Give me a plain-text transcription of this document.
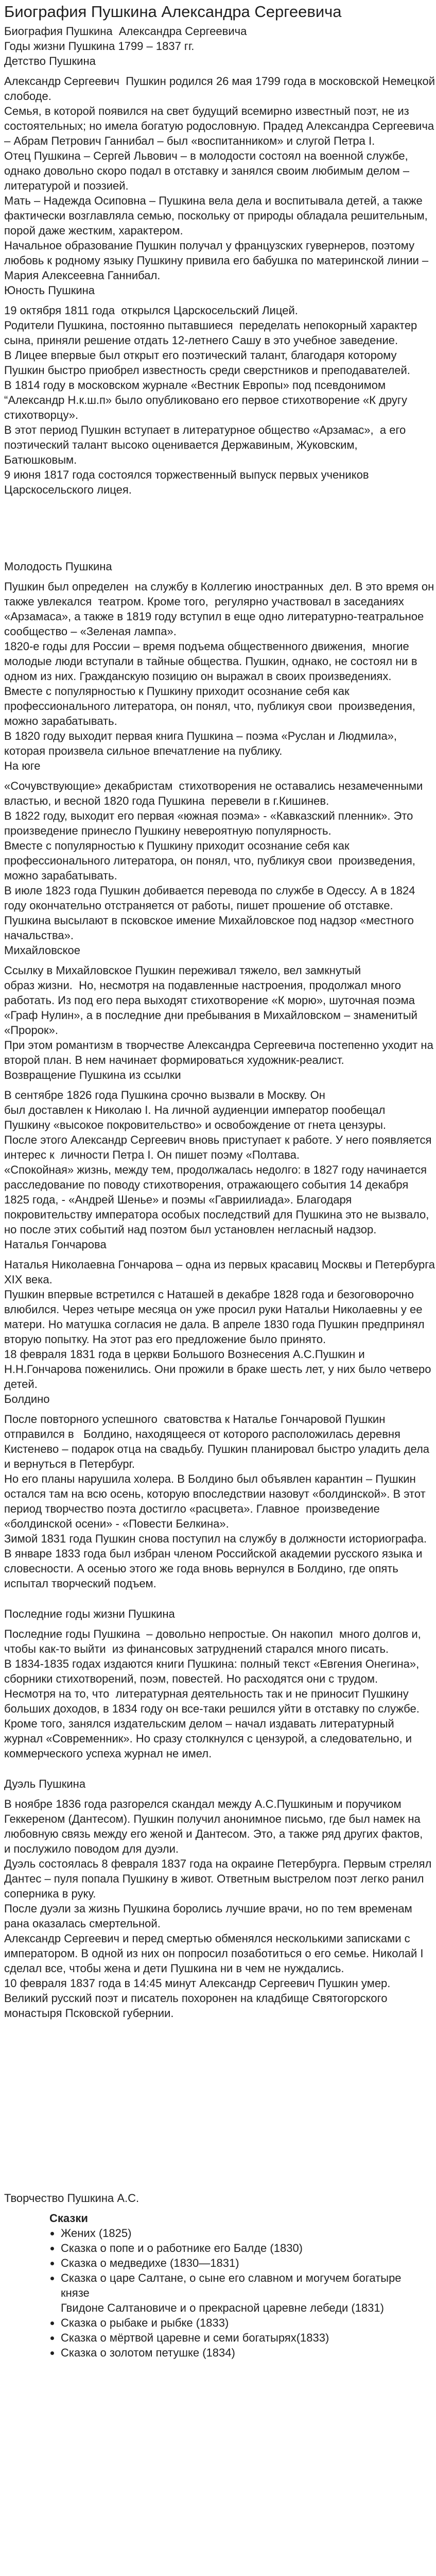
Биография Пушкина Александра Сергеевича
Биография Пушкина  Александра Сергеевича
Годы жизни Пушкина 1799 – 1837 гг.
Детство Пушкина
Александр Сергеевич  Пушкин родился 26 мая 1799 года в московской Немецкой
слободе.
Семья, в которой появился на свет будущий всемирно известный поэт, не из
состоятельных; но имела богатую родословную. Прадед Александра Сергеевича
– Абрам Петрович Ганнибал – был «воспитанником» и слугой Петра I.
Отец Пушкина – Сергей Львович – в молодости состоял на военной службе,
однако довольно скоро подал в отставку и занялся своим любимым делом –
литературой и поэзией.
Мать – Надежда Осиповна – Пушкина вела дела и воспитывала детей, а также
фактически возглавляла семью, поскольку от природы обладала решительным,
порой даже жестким, характером.
Начальное образование Пушкин получал у французских гувернеров, поэтому
любовь к родному языку Пушкину привила его бабушка по материнской линии –
Мария Алексеевна Ганнибал.
Юность Пушкина
19 октября 1811 года  открылся Царскосельский Лицей.
Родители Пушкина, постоянно пытавшиеся  переделать непокорный характер
сына, приняли решение отдать 12-летнего Сашу в это учебное заведение.
В Лицее впервые был открыт его поэтический талант, благодаря которому
Пушкин быстро приобрел известность среди сверстников и преподавателей.
В 1814 году в московском журнале «Вестник Европы» под псевдонимом
“Александр Н.к.ш.п» было опубликовано его первое стихотворение «К другу
стихотворцу».
В этот период Пушкин вступает в литературное общество «Арзамас»,  а его
поэтический талант высоко оценивается Державиным, Жуковским,
Батюшковым.
9 июня 1817 года состоялся торжественный выпуск первых учеников
Царскосельского лицея.
Молодость Пушкина
Пушкин был определен  на службу в Коллегию иностранных  дел. В это время он
также увлекался  театром. Кроме того,  регулярно участвовал в заседаниях
«Арзамаса», а также в 1819 году вступил в еще одно литературно-театральное
сообщество – «Зеленая лампа».
1820-е годы для России – время подъема общественного движения,  многие
молодые люди вступали в тайные общества. Пушкин, однако, не состоял ни в
одном из них. Гражданскую позицию он выражал в своих произведениях.
Вместе с популярностью к Пушкину приходит осознание себя как
профессионального литератора, он понял, что, публикуя свои  произведения,
можно зарабатывать.
В 1820 году выходит первая книга Пушкина – поэма «Руслан и Людмила»,
которая произвела сильное впечатление на публику.
На юге
«Сочувствующие» декабристам  стихотворения не оставались незамеченными
властью, и весной 1820 года Пушкина  перевели в г.Кишинев.
В 1822 году, выходит его первая «южная поэма» - «Кавказский пленник». Это
произведение принесло Пушкину невероятную популярность.
Вместе с популярностью к Пушкину приходит осознание себя как
профессионального литератора, он понял, что, публикуя свои  произведения,
можно зарабатывать.
В июле 1823 года Пушкин добивается перевода по службе в Одессу. А в 1824
году окончательно отстраняется от работы, пишет прошение об отставке.
Пушкина высылают в псковское имение Михайловское под надзор «местного
начальства».
Михайловское
Ссылку в Михайловское Пушкин переживал тяжело, вел замкнутый
образ жизни.  Но, несмотря на подавленные настроения, продолжал много
работать. Из под его пера выходят стихотворение «К морю», шуточная поэма
«Граф Нулин», а в последние дни пребывания в Михайловском – знаменитый
«Пророк».
При этом романтизм в творчестве Александра Сергеевича постепенно уходит на
второй план. В нем начинает формироваться художник-реалист.
Возвращение Пушкина из ссылки
В сентябре 1826 года Пушкина срочно вызвали в Москву. Он
был доставлен к Николаю I. На личной аудиенции император пообещал
Пушкину «высокое покровительство» и освобождение от гнета цензуры.
После этого Александр Сергеевич вновь приступает к работе. У него появляется
интерес к  личности Петра I. Он пишет поэму «Полтава.
«Спокойная» жизнь, между тем, продолжалась недолго: в 1827 году начинается
расследование по поводу стихотворения, отражающего события 14 декабря
1825 года, - «Андрей Шенье» и поэмы «Гавриилиада». Благодаря
покровительству императора особых последствий для Пушкина это не вызвало,
но после этих событий над поэтом был установлен негласный надзор.
Наталья Гончарова
Наталья Николаевна Гончарова – одна из первых красавиц Москвы и Петербурга
XIX века.
Пушкин впервые встретился с Наташей в декабре 1828 года и безоговорочно
влюбился. Через четыре месяца он уже просил руки Натальи Николаевны у ее
матери. Но матушка согласия не дала. В апреле 1830 года Пушкин предпринял
вторую попытку. На этот раз его предложение было принято.
18 февраля 1831 года в церкви Большого Вознесения А.С.Пушкин и
Н.Н.Гончарова поженились. Они прожили в браке шесть лет, у них было четверо
детей.
Болдино
После повторного успешного  сватовства к Наталье Гончаровой Пушкин
отправился в   Болдино, находящееся от которого расположилась деревня
Кистенево – подарок отца на свадьбу. Пушкин планировал быстро уладить дела
и вернуться в Петербург.
Но его планы нарушила холера. В Болдино был объявлен карантин – Пушкин
остался там на всю осень, которую впоследствии назовут «болдинской». В этот
период творчество поэта достигло «расцвета». Главное  произведение
«болдинской осени» - «Повести Белкина».
Зимой 1831 года Пушкин снова поступил на службу в должности историографа.
В январе 1833 года был избран членом Российской академии русского языка и
словесности. А осенью этого же года вновь вернулся в Болдино, где опять
испытал творческий подъем.
Последние годы жизни Пушкина
Последние годы Пушкина  – довольно непростые. Он накопил  много долгов и,
чтобы как-то выйти  из финансовых затруднений старался много писать.
В 1834-1835 годах издаются книги Пушкина: полный текст «Евгения Онегина»,
сборники стихотворений, поэм, повестей. Но расходятся они с трудом.
Несмотря на то, что  литературная деятельность так и не приносит Пушкину
больших доходов, в 1834 году он все-таки решился уйти в отставку по службе.
Кроме того, занялся издательским делом – начал издавать литературный
журнал «Современник». Но сразу столкнулся с цензурой, а следовательно, и
коммерческого успеха журнал не имел.
Дуэль Пушкина
В ноябре 1836 года разгорелся скандал между А.С.Пушкиным и поручиком
Геккереном (Дантесом). Пушкин получил анонимное письмо, где был намек на
любовную связь между его женой и Дантесом. Это, а также ряд других фактов,
и послужило поводом для дуэли.
Дуэль состоялась 8 февраля 1837 года на окраине Петербурга. Первым стрелял
Дантес – пуля попала Пушкину в живот. Ответным выстрелом поэт легко ранил
соперника в руку.
После дуэли за жизнь Пушкина боролись лучшие врачи, но по тем временам
рана оказалась смертельной.
Александр Сергеевич и перед смертью обменялся несколькими записками с
императором. В одной из них он попросил позаботиться о его семье. Николай I
сделал все, чтобы жена и дети Пушкина ни в чем не нуждались.
10 февраля 1837 года в 14:45 минут Александр Сергеевич Пушкин умер.
Великий русский поэт и писатель похоронен на кладбище Святогорского
монастыря Псковской губернии.
Творчество Пушкина А.С.
Сказки
• Жених (1825)
• Сказка о попе и о работнике его Балде (1830)
• Сказка о медведихе (1830—1831)
• Сказка о царе Салтане, о сыне его славном и могучем богатыре князе
Гвидоне Салтановиче и о прекрасной царевне лебеди (1831)
• Сказка о рыбаке и рыбке (1833)
• Сказка о мёртвой царевне и семи богатырях(1833)
• Сказка о золотом петушке (1834)
